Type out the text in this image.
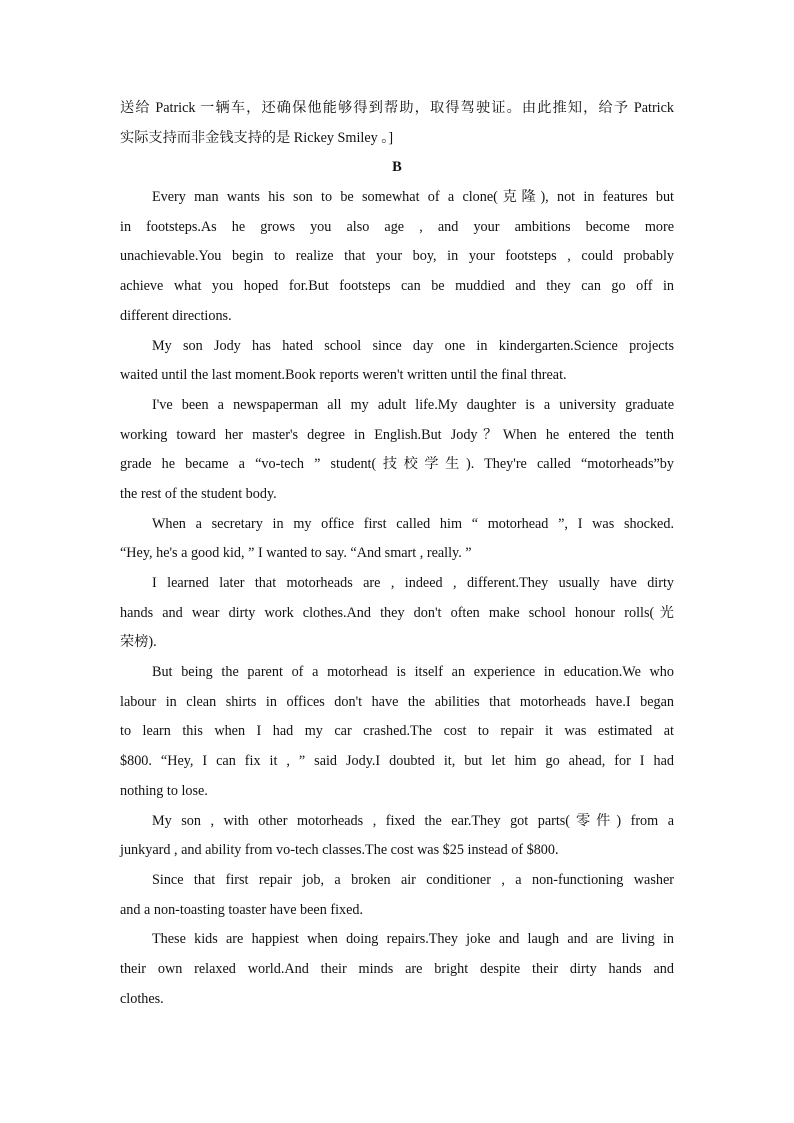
送给 Patrick 一辆车，还确保他能够得到帮助，取得驾驶证。由此推知，给予 Patrick
实际支持而非金钱支持的是 Rickey Smiley 。]
B
Every man wants his son to be somewhat of a clone(克隆), not in features but
in footsteps.As he grows you also age , and your ambitions become more
unachievable.You begin to realize that your boy, in your footsteps , could probably
achieve what you hoped for.But footsteps can be muddied and they can go off in
different directions.
My son Jody has hated school since day one in kindergarten.Science projects
waited until the last moment.Book reports weren't written until the final threat.
I've been a newspaperman all my adult life.My daughter is a university graduate
working toward her master's degree in English.But Jody？When he entered the tenth
grade he became a “vo-tech ” student(技校学生). They're called “motorheads”by
the rest of the student body.
When a secretary in my office first called him “ motorhead ”, I was shocked.
“Hey, he's a good kid, ” I wanted to say. “And smart , really. ”
I learned later that motorheads are , indeed , different.They usually have dirty
hands and wear dirty work clothes.And they don't often make school honour rolls(光
荣榜).
But being the parent of a motorhead is itself an experience in education.We who
labour in clean shirts in offices don't have the abilities that motorheads have.I began
to learn this when I had my car crashed.The cost to repair it was estimated at
$800. “Hey, I can fix it , ” said Jody.I doubted it, but let him go ahead, for I had
nothing to lose.
My son , with other motorheads , fixed the ear.They got parts(零件) from a
junkyard , and ability from vo-tech classes.The cost was $25 instead of $800.
Since that first repair job, a broken air conditioner , a non-functioning washer
and a non-toasting toaster have been fixed.
These kids are happiest when doing repairs.They joke and laugh and are living in
their own relaxed world.And their minds are bright despite their dirty hands and
clothes.
